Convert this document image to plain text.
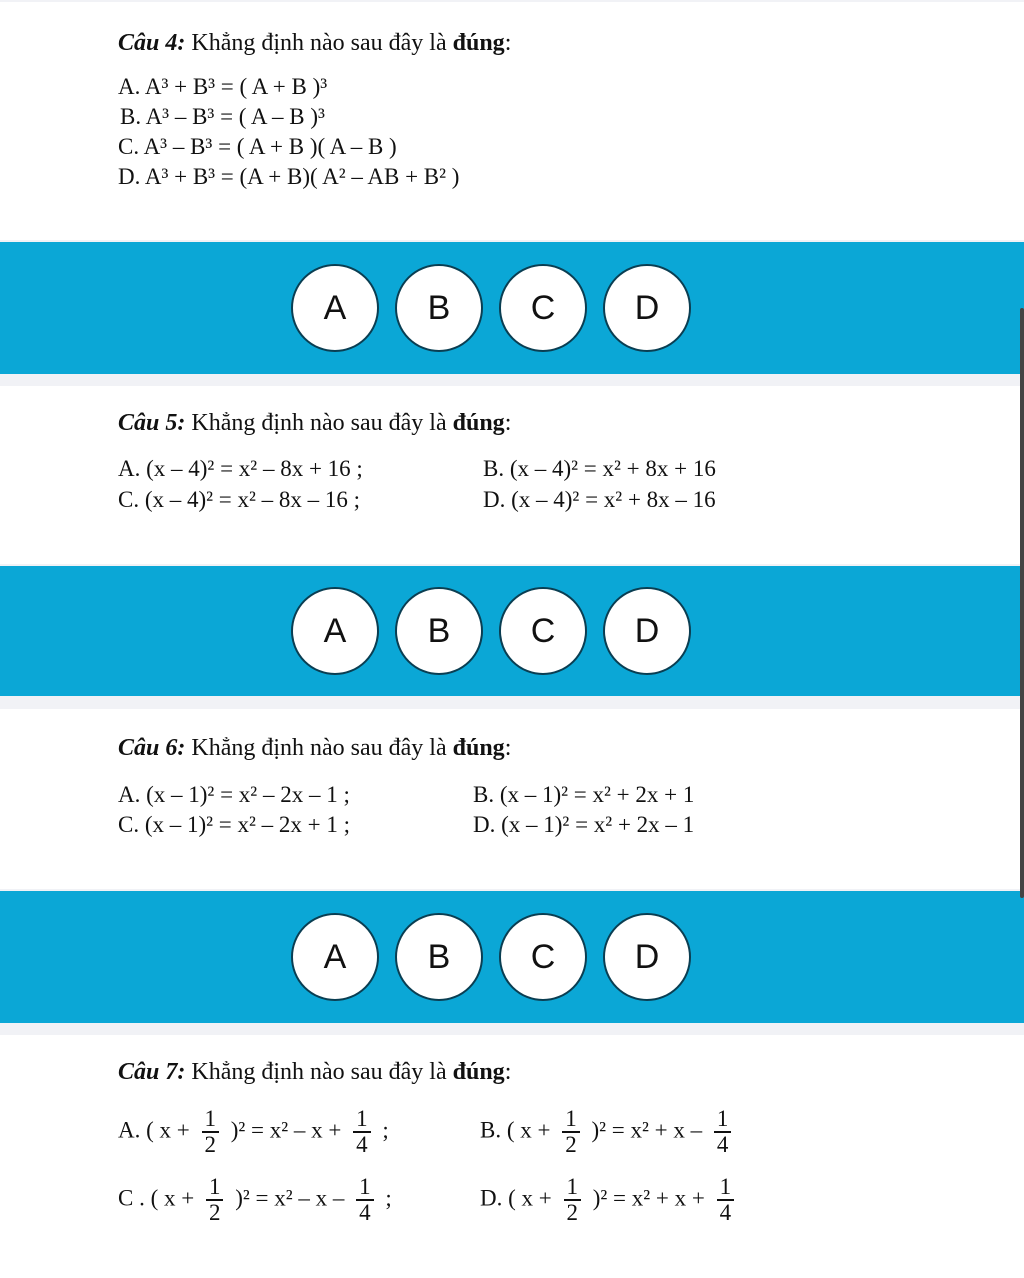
Câu 4: Khẳng định nào sau đây là đúng:
A. A³ + B³ = ( A + B )³
B. A³ – B³ = ( A – B )³
C. A³ – B³ = ( A + B )( A – B )
D. A³ + B³ = (A + B)( A² – AB + B² )
A	B	C	D
Câu 5: Khẳng định nào sau đây là đúng:
A. (x – 4)² = x² – 8x + 16 ;	B. (x – 4)² = x² + 8x + 16
C. (x – 4)² = x² – 8x – 16 ;	D. (x – 4)² = x² + 8x – 16
A	B	C	D
Câu 6: Khẳng định nào sau đây là đúng:
A. (x – 1)² = x² – 2x – 1 ;	B. (x – 1)² = x² + 2x + 1
C. (x – 1)² = x² – 2x + 1 ;	D. (x – 1)² = x² + 2x – 1
A	B	C	D
Câu 7: Khẳng định nào sau đây là đúng:
A. ( $x + \frac{1}{2} )^2 = x^2 - x + \frac{1}{4}$ ;	B. ( $x + \frac{1}{2} )^2 = x^2 + x - \frac{1}{4}$
C . ( $x + \frac{1}{2} )^2 = x^2 - x - \frac{1}{4}$ ;	D. ( $x + \frac{1}{2} )^2 = x^2 + x + \frac{1}{4}$
